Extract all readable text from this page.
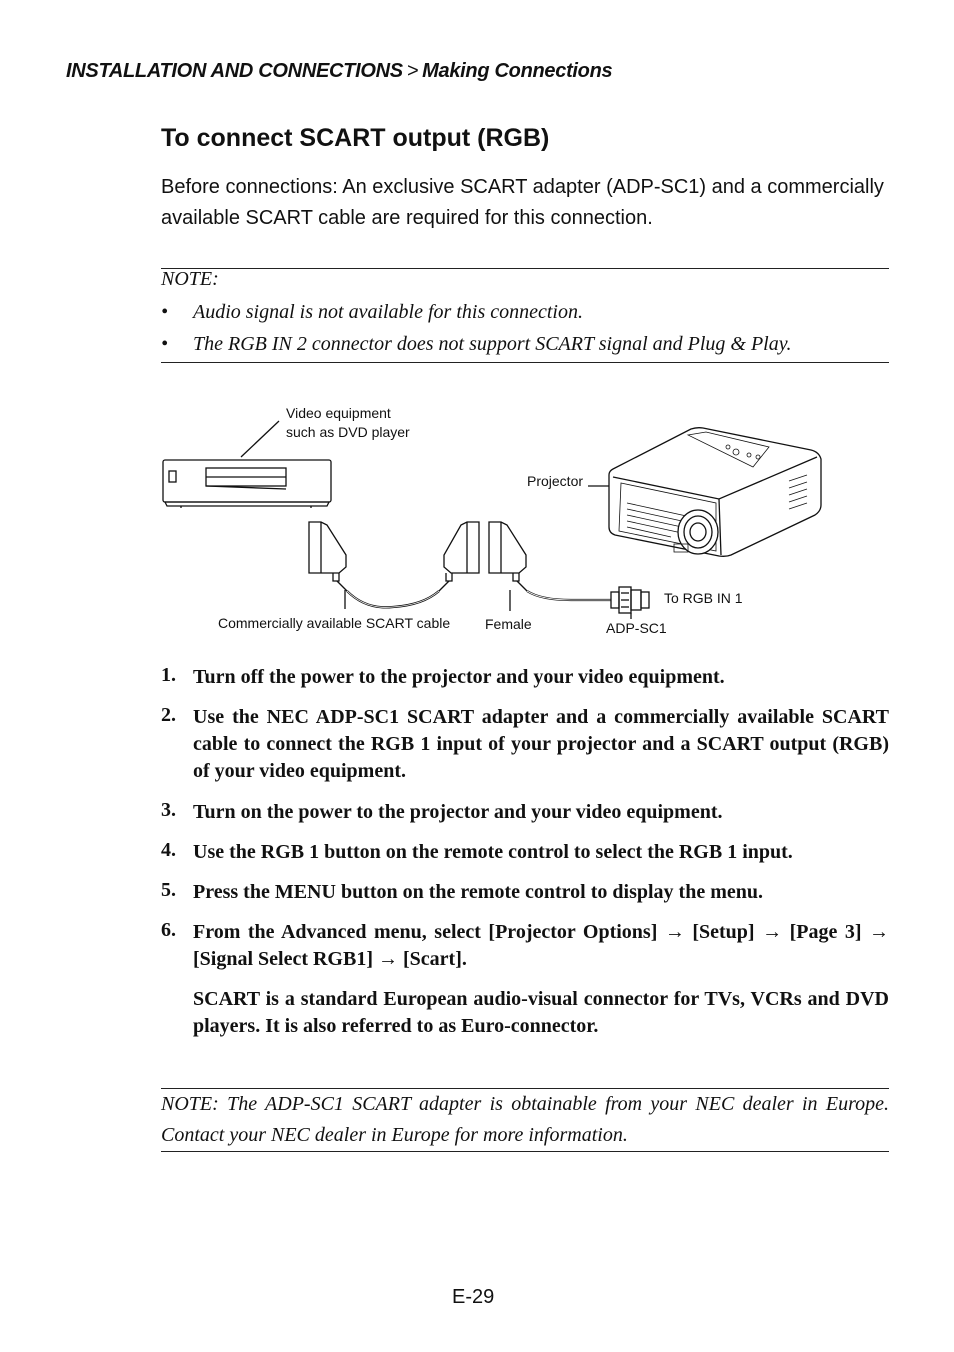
INSTALLATION AND CONNECTIONS > Making Connections
To connect SCART output (RGB)
Before connections: An exclusive SCART adapter (ADP-SC1) and a commercially available SCART cable are required for this connection.
NOTE:
• Audio signal is not available for this connection.
• The RGB IN 2 connector does not support SCART signal and Plug & Play.
Video equipment
such as DVD player
Projector
To RGB IN 1
Commercially available SCART cable Female	ADP-SC1
1. Turn off the power to the projector and your video equipment.
2. Use the NEC ADP-SC1 SCART adapter and a commercially available SCART cable to connect the RGB 1 input of your projector and a SCART output (RGB) of your video equipment.
3. Turn on the power to the projector and your video equipment.
4. Use the RGB 1 button on the remote control to select the RGB 1 input.
5. Press the MENU button on the remote control to display the menu.
6. From the Advanced menu, select [Projector Options] → [Setup] → [Page 3] → [Signal Select RGB1] → [Scart].
SCART is a standard European audio-visual connector for TVs, VCRs and DVD players. It is also referred to as Euro-connector.
NOTE: The ADP-SC1 SCART adapter is obtainable from your NEC dealer in Europe. Contact your NEC dealer in Europe for more information.
E-29
